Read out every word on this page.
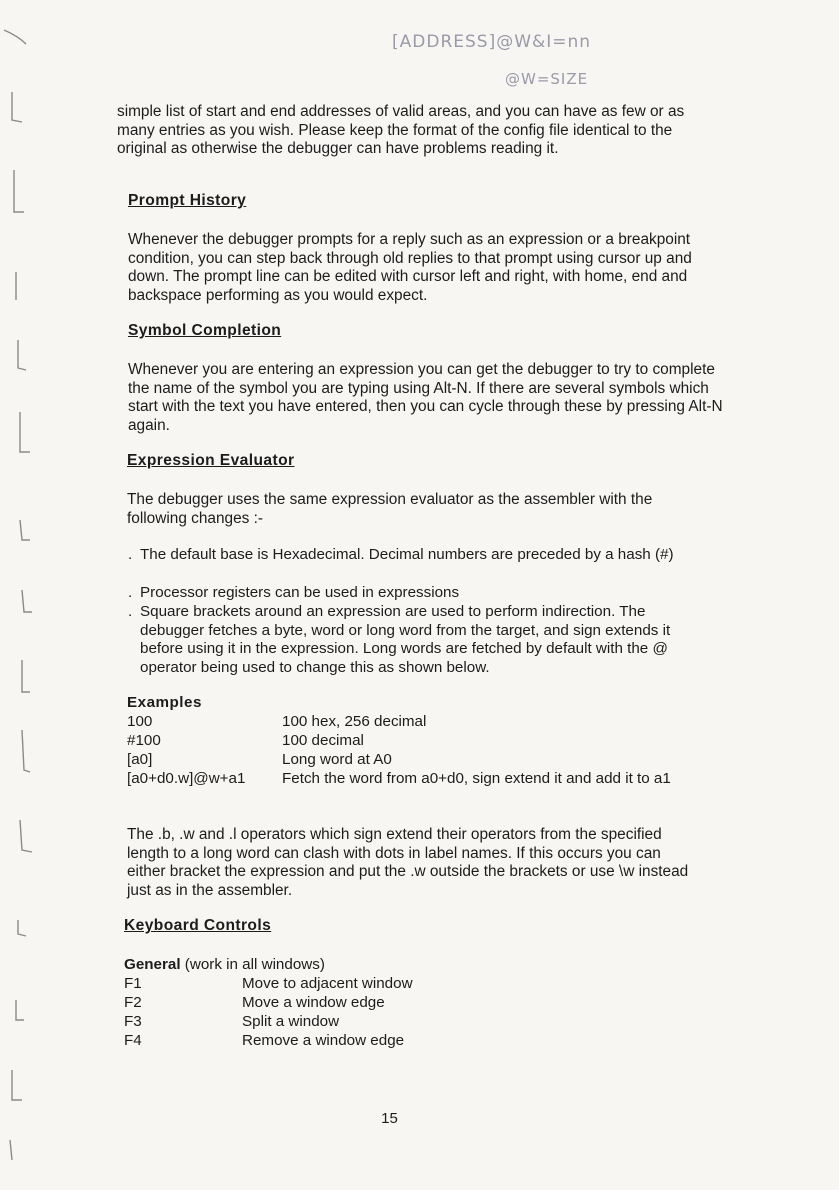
[ADDRESS]@W&I=nn
@W=SIZE

simple list of start and end addresses of valid areas, and you can have as few or as many entries as you wish. Please keep the format of the config file identical to the original as otherwise the debugger can have problems reading it.

Prompt History

Whenever the debugger prompts for a reply such as an expression or a breakpoint condition, you can step back through old replies to that prompt using cursor up and down. The prompt line can be edited with cursor left and right, with home, end and backspace performing as you would expect.

Symbol Completion

Whenever you are entering an expression you can get the debugger to try to complete the name of the symbol you are typing using Alt-N. If there are several symbols which start with the text you have entered, then you can cycle through these by pressing Alt-N again.

Expression Evaluator

The debugger uses the same expression evaluator as the assembler with the following changes :-

. The default base is Hexadecimal. Decimal numbers are preceded by a hash (#)
. Processor registers can be used in expressions
. Square brackets around an expression are used to perform indirection. The debugger fetches a byte, word or long word from the target, and sign extends it before using it in the expression. Long words are fetched by default with the @ operator being used to change this as shown below.
Examples
100	100 hex, 256 decimal
#100	100 decimal
[a0]	Long word at A0
[a0+d0.w]@w+a1 Fetch the word from a0+d0, sign extend it and add it to a1

The .b, .w and .l operators which sign extend their operators from the specified length to a long word can clash with dots in label names. If this occurs you can either bracket the expression and put the .w outside the brackets or use \w instead just as in the assembler.

Keyboard Controls
General (work in all windows)
F1	Move to adjacent window
F2	Move a window edge
F3	Split a window
F4	Remove a window edge
15
